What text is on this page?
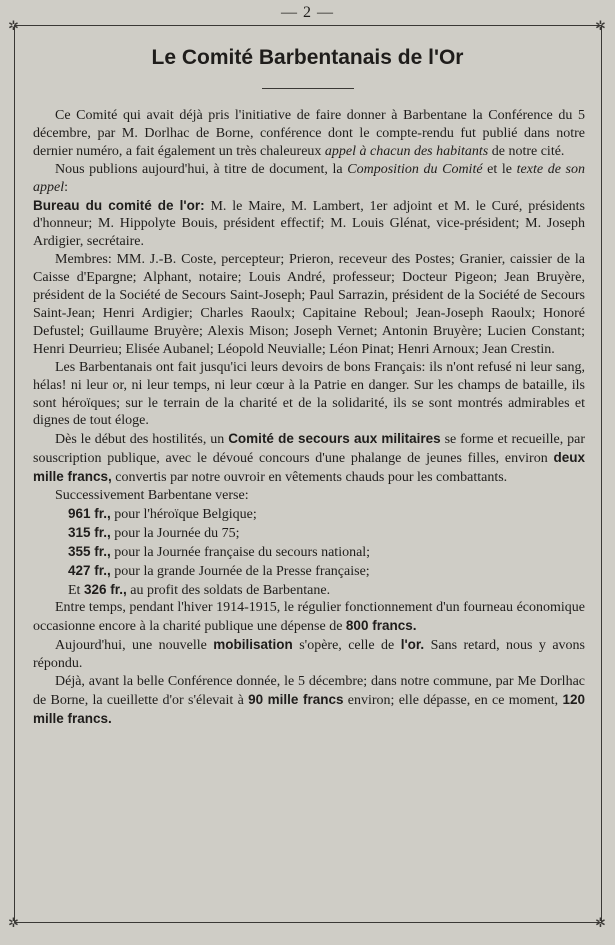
— 2 —
✲	✲
✲	✲
Le Comité Barbentanais de l'Or

Ce Comité qui avait déjà pris l'initiative de faire donner à Barbentane la Conférence du 5 décembre, par M. Dorlhac de Borne, conférence dont le compte-rendu fut publié dans notre dernier numéro, a fait également un très chaleureux appel à chacun des habitants de notre cité.

Nous publions aujourd'hui, à titre de document, la Composition du Comité et le texte de son appel:

Bureau du comité de l'or: M. le Maire, M. Lambert, 1er adjoint et M. le Curé, présidents d'honneur; M. Hippolyte Bouis, président effectif; M. Louis Glénat, vice-président; M. Joseph Ardigier, secrétaire.

Membres: MM. J.-B. Coste, percepteur; Prieron, receveur des Postes; Granier, caissier de la Caisse d'Epargne; Alphant, notaire; Louis André, professeur; Docteur Pigeon; Jean Bruyère, président de la Société de Secours Saint-Joseph; Paul Sarrazin, président de la Société de Secours Saint-Jean; Henri Ardigier; Charles Raoulx; Capitaine Reboul; Jean-Joseph Raoulx; Honoré Defustel; Guillaume Bruyère; Alexis Mison; Joseph Vernet; Antonin Bruyère; Lucien Constant; Henri Deurrieu; Elisée Aubanel; Léopold Neuvialle; Léon Pinat; Henri Arnoux; Jean Crestin.

Les Barbentanais ont fait jusqu'ici leurs devoirs de bons Français: ils n'ont refusé ni leur sang, hélas! ni leur or, ni leur temps, ni leur cœur à la Patrie en danger. Sur les champs de bataille, ils sont héroïques; sur le terrain de la charité et de la solidarité, ils se sont montrés admirables et dignes de tout éloge.

Dès le début des hostilités, un Comité de secours aux militaires se forme et recueille, par souscription publique, avec le dévoué concours d'une phalange de jeunes filles, environ deux mille francs, convertis par notre ouvroir en vêtements chauds pour les combattants.

Successivement Barbentane verse:

961 fr., pour l'héroïque Belgique;

315 fr., pour la Journée du 75;

355 fr., pour la Journée française du secours national;

427 fr., pour la grande Journée de la Presse française;

Et 326 fr., au profit des soldats de Barbentane.

Entre temps, pendant l'hiver 1914-1915, le régulier fonctionnement d'un fourneau économique occasionne encore à la charité publique une dépense de 800 francs.

Aujourd'hui, une nouvelle mobilisation s'opère, celle de l'or. Sans retard, nous y avons répondu.

Déjà, avant la belle Conférence donnée, le 5 décembre; dans notre commune, par Me Dorlhac de Borne, la cueillette d'or s'élevait à 90 mille francs environ; elle dépasse, en ce moment, 120 mille francs.
